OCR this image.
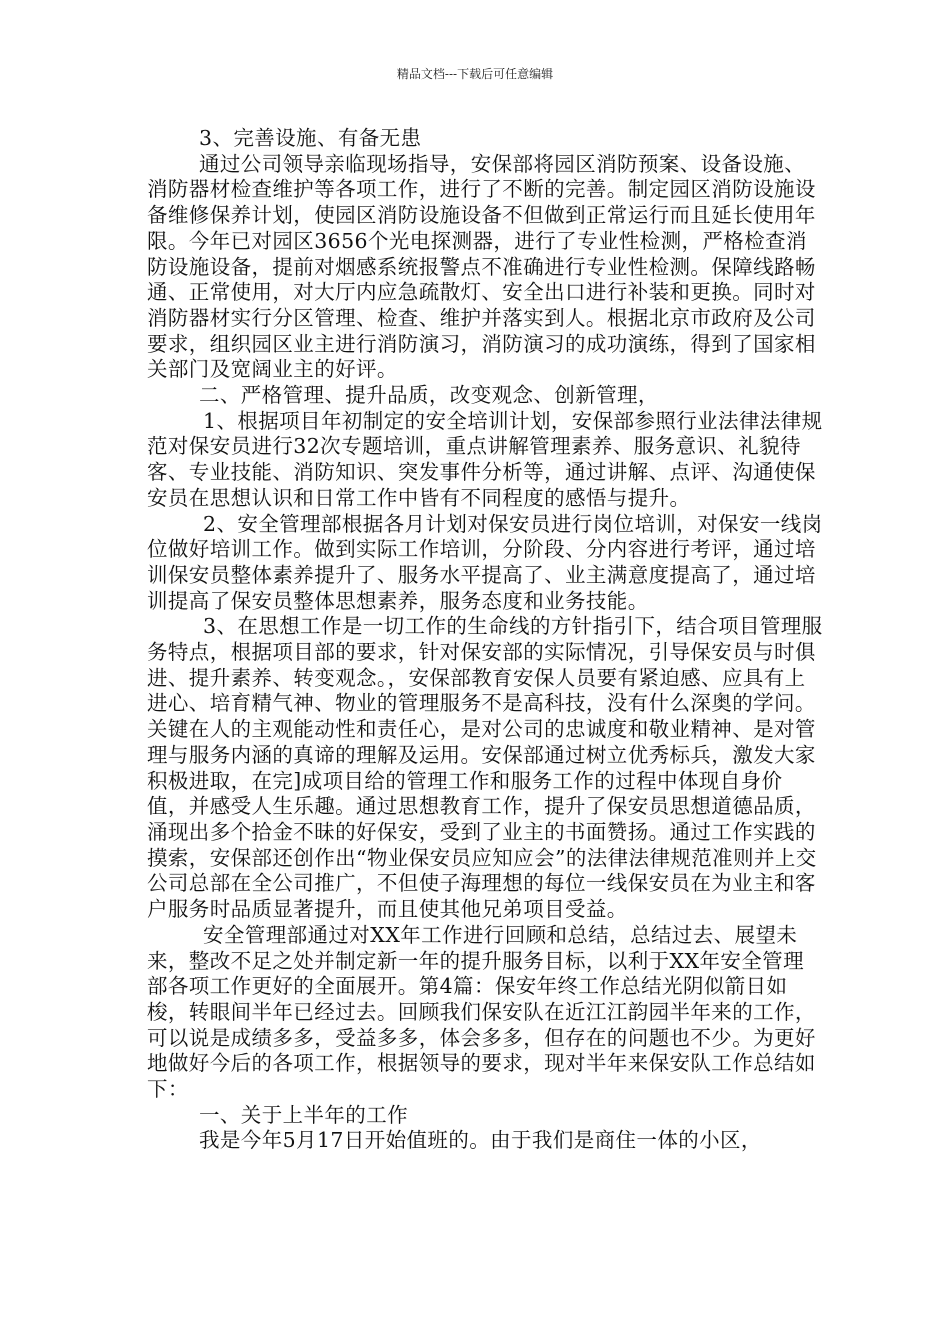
精品文档---下载后可任意编辑

3、完善设施、有备无患

通过公司领导亲临现场指导，安保部将园区消防预案、设备设施、消防器材检查维护等各项工作，进行了不断的完善。制定园区消防设施设备维修保养计划，使园区消防设施设备不但做到正常运行而且延长使用年限。今年已对园区3656个光电探测器，进行了专业性检测，严格检查消防设施设备，提前对烟感系统报警点不准确进行专业性检测。保障线路畅通、正常使用，对大厅内应急疏散灯、安全出口进行补装和更换。同时对消防器材实行分区管理、检查、维护并落实到人。根据北京市政府及公司要求，组织园区业主进行消防演习，消防演习的成功演练，得到了国家相关部门及宽阔业主的好评。

二、严格管理、提升品质，改变观念、创新管理，

1、根据项目年初制定的安全培训计划，安保部参照行业法律法律规范对保安员进行32次专题培训，重点讲解管理素养、服务意识、礼貌待客、专业技能、消防知识、突发事件分析等，通过讲解、点评、沟通使保安员在思想认识和日常工作中皆有不同程度的感悟与提升。

2、安全管理部根据各月计划对保安员进行岗位培训，对保安一线岗位做好培训工作。做到实际工作培训，分阶段、分内容进行考评，通过培训保安员整体素养提升了、服务水平提高了、业主满意度提高了，通过培训提高了保安员整体思想素养，服务态度和业务技能。

3、在思想工作是一切工作的生命线的方针指引下，结合项目管理服务特点，根据项目部的要求，针对保安部的实际情况，引导保安员与时俱进、提升素养、转变观念。，安保部教育安保人员要有紧迫感、应具有上进心、培育精气神、物业的管理服务不是高科技，没有什么深奥的学问。关键在人的主观能动性和责任心，是对公司的忠诚度和敬业精神、是对管理与服务内涵的真谛的理解及运用。安保部通过树立优秀标兵，激发大家积极进取，在完]成项目给的管理工作和服务工作的过程中体现自身价值，并感受人生乐趣。通过思想教育工作，提升了保安员思想道德品质，涌现出多个拾金不昧的好保安，受到了业主的书面赞扬。通过工作实践的摸索，安保部还创作出“物业保安员应知应会”的法律法律规范准则并上交公司总部在全公司推广，不但使子海理想的每位一线保安员在为业主和客户服务时品质显著提升，而且使其他兄弟项目受益。

安全管理部通过对XX年工作进行回顾和总结，总结过去、展望未来，整改不足之处并制定新一年的提升服务目标，以利于XX年安全管理部各项工作更好的全面展开。第4篇：保安年终工作总结光阴似箭日如梭，转眼间半年已经过去。回顾我们保安队在近江江韵园半年来的工作，可以说是成绩多多，受益多多，体会多多，但存在的问题也不少。为更好地做好今后的各项工作，根据领导的要求，现对半年来保安队工作总结如下：

一、关于上半年的工作

我是今年5月17日开始值班的。由于我们是商住一体的小区，
